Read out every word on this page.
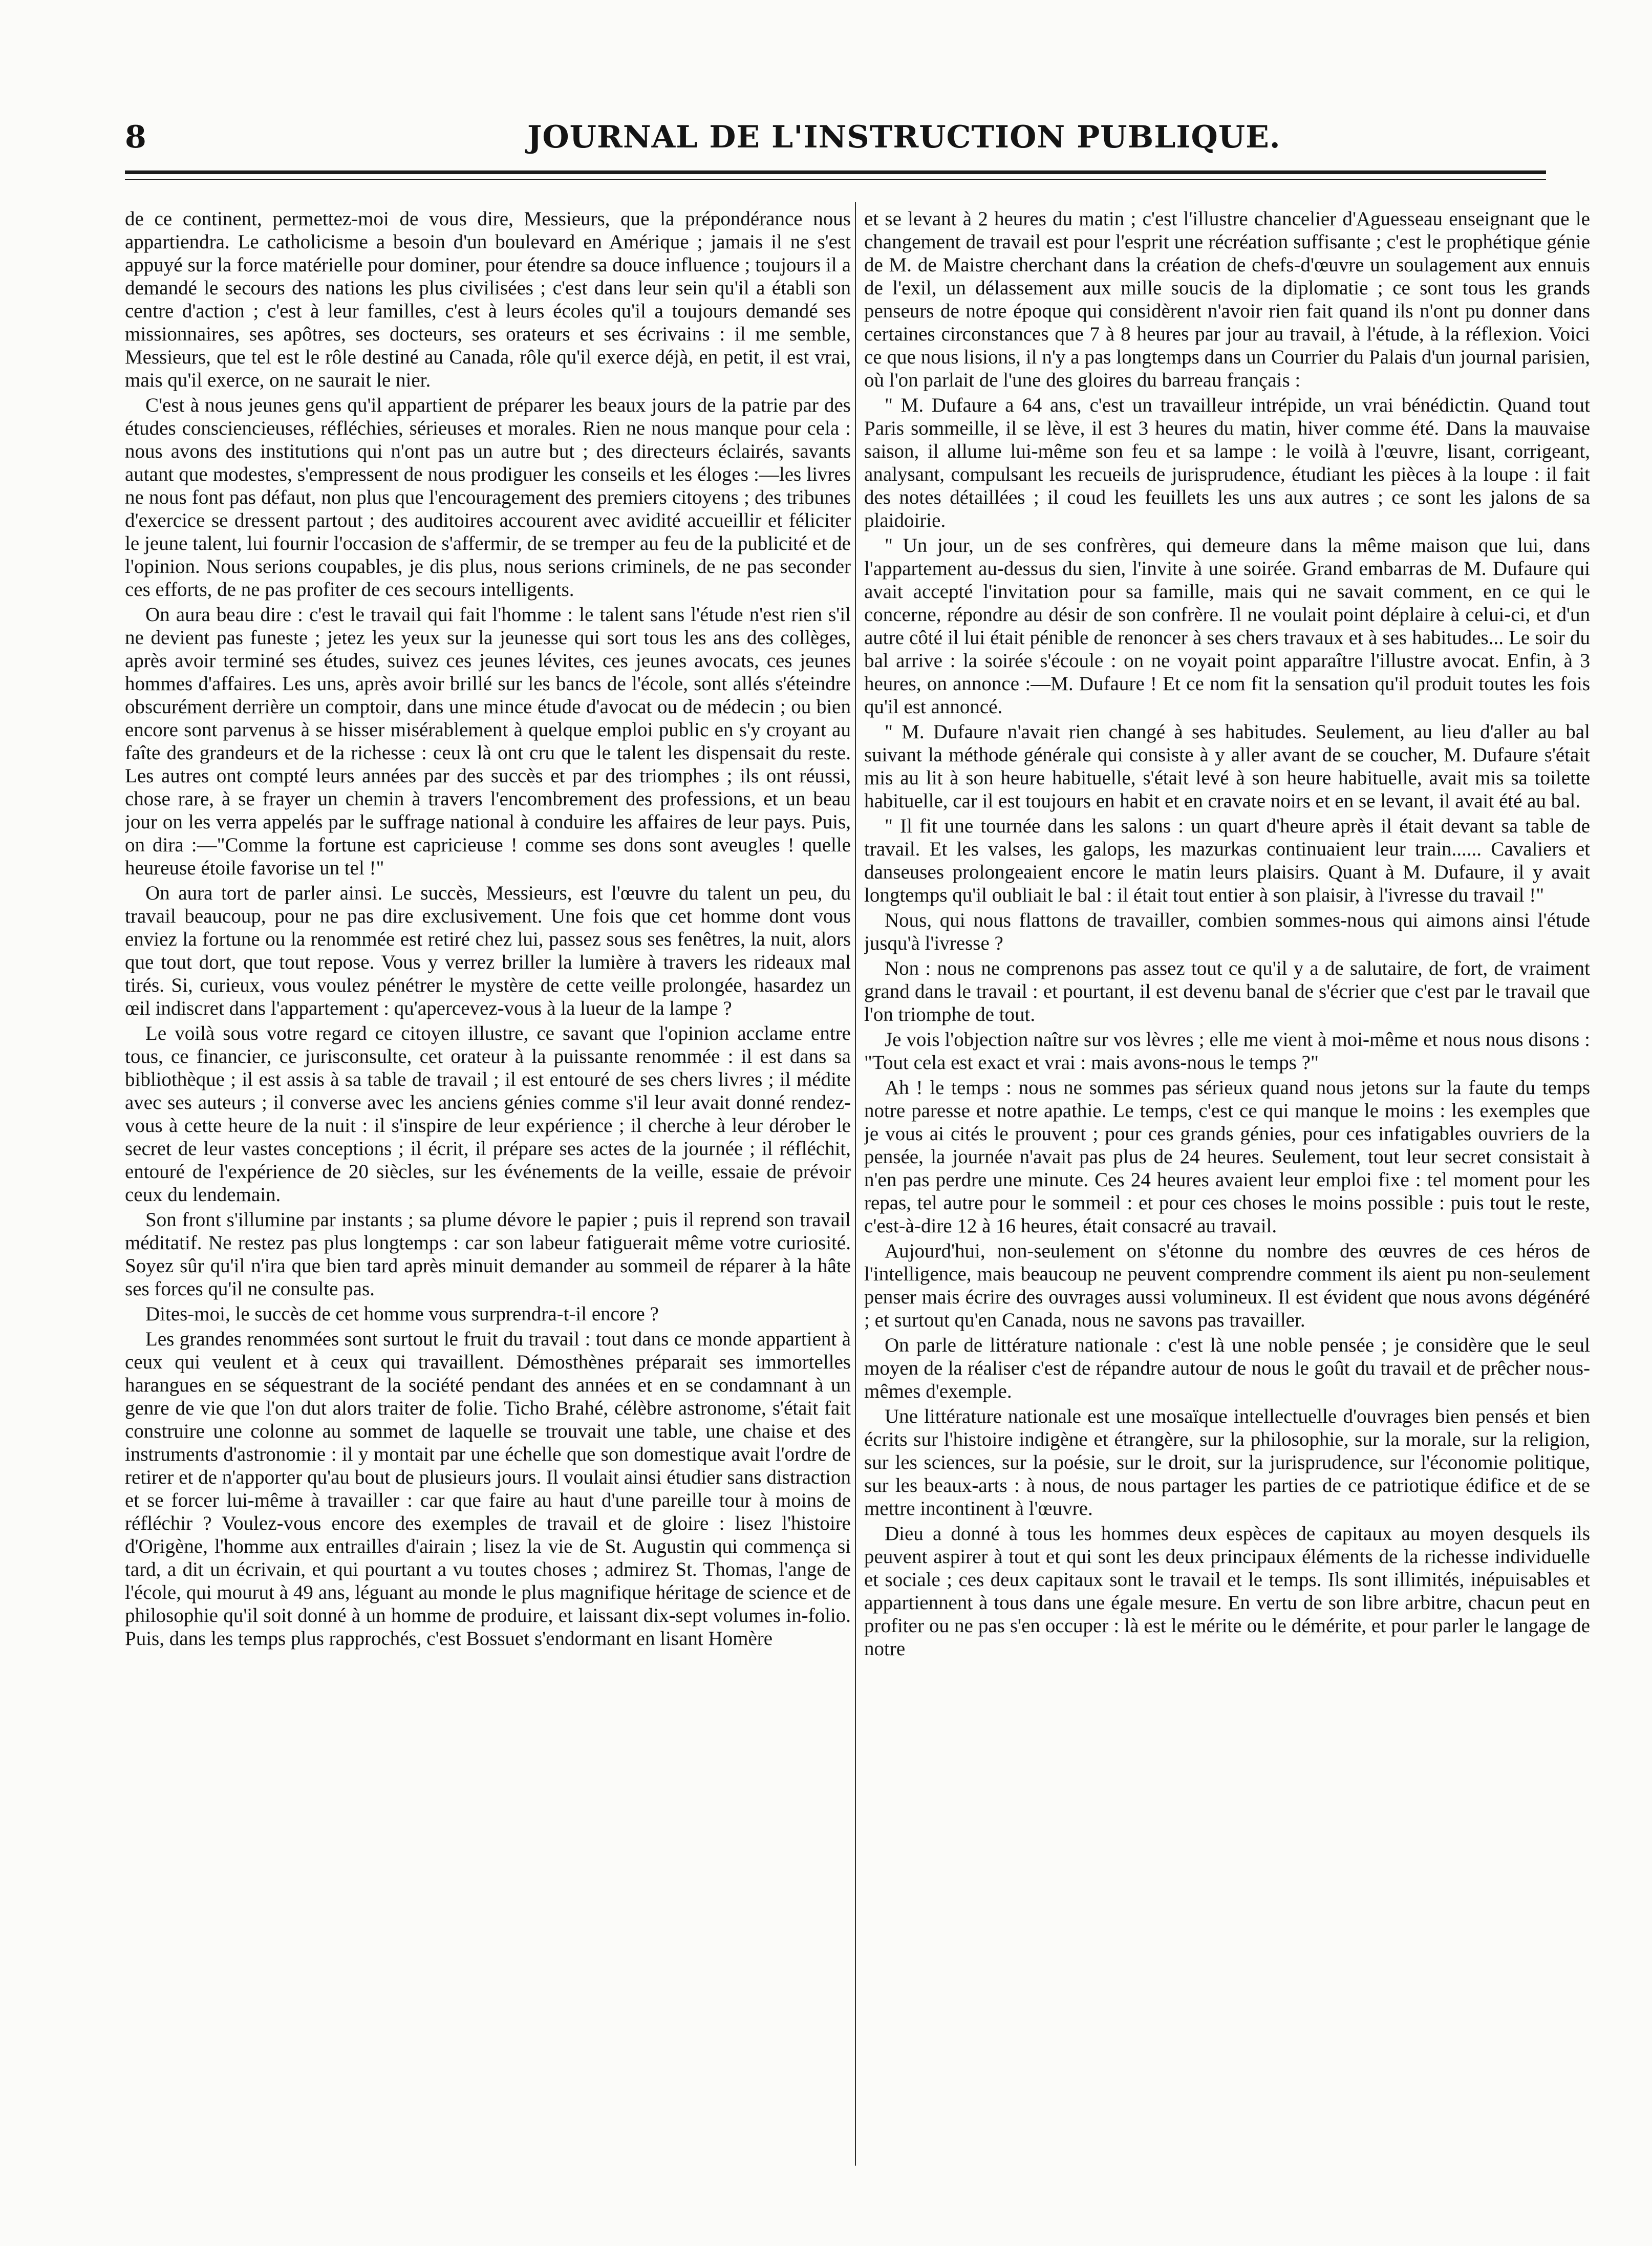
8	JOURNAL DE L'INSTRUCTION PUBLIQUE.

de ce continent, permettez-moi de vous dire, Messieurs, que la prépondérance nous appartiendra. Le catholicisme a besoin d'un boulevard en Amérique ; jamais il ne s'est appuyé sur la force matérielle pour dominer, pour étendre sa douce influence ; toujours il a demandé le secours des nations les plus civilisées ; c'est dans leur sein qu'il a établi son centre d'action ; c'est à leur familles, c'est à leurs écoles qu'il a toujours demandé ses missionnaires, ses apôtres, ses docteurs, ses orateurs et ses écrivains : il me semble, Messieurs, que tel est le rôle destiné au Canada, rôle qu'il exerce déjà, en petit, il est vrai, mais qu'il exerce, on ne saurait le nier.

C'est à nous jeunes gens qu'il appartient de préparer les beaux jours de la patrie par des études consciencieuses, réfléchies, sérieuses et morales. Rien ne nous manque pour cela : nous avons des institutions qui n'ont pas un autre but ; des directeurs éclairés, savants autant que modestes, s'empressent de nous prodiguer les conseils et les éloges :—les livres ne nous font pas défaut, non plus que l'encouragement des premiers citoyens ; des tribunes d'exercice se dressent partout ; des auditoires accourent avec avidité accueillir et féliciter le jeune talent, lui fournir l'occasion de s'affermir, de se tremper au feu de la publicité et de l'opinion. Nous serions coupables, je dis plus, nous serions criminels, de ne pas seconder ces efforts, de ne pas profiter de ces secours intelligents.

On aura beau dire : c'est le travail qui fait l'homme : le talent sans l'étude n'est rien s'il ne devient pas funeste ; jetez les yeux sur la jeunesse qui sort tous les ans des collèges, après avoir terminé ses études, suivez ces jeunes lévites, ces jeunes avocats, ces jeunes hommes d'affaires. Les uns, après avoir brillé sur les bancs de l'école, sont allés s'éteindre obscurément derrière un comptoir, dans une mince étude d'avocat ou de médecin ; ou bien encore sont parvenus à se hisser misérablement à quelque emploi public en s'y croyant au faîte des grandeurs et de la richesse : ceux là ont cru que le talent les dispensait du reste. Les autres ont compté leurs années par des succès et par des triomphes ; ils ont réussi, chose rare, à se frayer un chemin à travers l'encombrement des professions, et un beau jour on les verra appelés par le suffrage national à conduire les affaires de leur pays. Puis, on dira :—"Comme la fortune est capricieuse ! comme ses dons sont aveugles ! quelle heureuse étoile favorise un tel !"

On aura tort de parler ainsi. Le succès, Messieurs, est l'œuvre du talent un peu, du travail beaucoup, pour ne pas dire exclusivement. Une fois que cet homme dont vous enviez la fortune ou la renommée est retiré chez lui, passez sous ses fenêtres, la nuit, alors que tout dort, que tout repose. Vous y verrez briller la lumière à travers les rideaux mal tirés. Si, curieux, vous voulez pénétrer le mystère de cette veille prolongée, hasardez un œil indiscret dans l'appartement : qu'apercevez-vous à la lueur de la lampe ?

Le voilà sous votre regard ce citoyen illustre, ce savant que l'opinion acclame entre tous, ce financier, ce jurisconsulte, cet orateur à la puissante renommée : il est dans sa bibliothèque ; il est assis à sa table de travail ; il est entouré de ses chers livres ; il médite avec ses auteurs ; il converse avec les anciens génies comme s'il leur avait donné rendez-vous à cette heure de la nuit : il s'inspire de leur expérience ; il cherche à leur dérober le secret de leur vastes conceptions ; il écrit, il prépare ses actes de la journée ; il réfléchit, entouré de l'expérience de 20 siècles, sur les événements de la veille, essaie de prévoir ceux du lendemain.

Son front s'illumine par instants ; sa plume dévore le papier ; puis il reprend son travail méditatif. Ne restez pas plus longtemps : car son labeur fatiguerait même votre curiosité. Soyez sûr qu'il n'ira que bien tard après minuit demander au sommeil de réparer à la hâte ses forces qu'il ne consulte pas.

Dites-moi, le succès de cet homme vous surprendra-t-il encore ?

Les grandes renommées sont surtout le fruit du travail : tout dans ce monde appartient à ceux qui veulent et à ceux qui travaillent. Démosthènes préparait ses immortelles harangues en se séquestrant de la société pendant des années et en se condamnant à un genre de vie que l'on dut alors traiter de folie. Ticho Brahé, célèbre astronome, s'était fait construire une colonne au sommet de laquelle se trouvait une table, une chaise et des instruments d'astronomie : il y montait par une échelle que son domestique avait l'ordre de retirer et de n'apporter qu'au bout de plusieurs jours. Il voulait ainsi étudier sans distraction et se forcer lui-même à travailler : car que faire au haut d'une pareille tour à moins de réfléchir ? Voulez-vous encore des exemples de travail et de gloire : lisez l'histoire d'Origène, l'homme aux entrailles d'airain ; lisez la vie de St. Augustin qui commença si tard, a dit un écrivain, et qui pourtant a vu toutes choses ; admirez St. Thomas, l'ange de l'école, qui mourut à 49 ans, léguant au monde le plus magnifique héritage de science et de philosophie qu'il soit donné à un homme de produire, et laissant dix-sept volumes in-folio. Puis, dans les temps plus rapprochés, c'est Bossuet s'endormant en lisant Homère

et se levant à 2 heures du matin ; c'est l'illustre chancelier d'Aguesseau enseignant que le changement de travail est pour l'esprit une récréation suffisante ; c'est le prophétique génie de M. de Maistre cherchant dans la création de chefs-d'œuvre un soulagement aux ennuis de l'exil, un délassement aux mille soucis de la diplomatie ; ce sont tous les grands penseurs de notre époque qui considèrent n'avoir rien fait quand ils n'ont pu donner dans certaines circonstances que 7 à 8 heures par jour au travail, à l'étude, à la réflexion. Voici ce que nous lisions, il n'y a pas longtemps dans un Courrier du Palais d'un journal parisien, où l'on parlait de l'une des gloires du barreau français :

" M. Dufaure a 64 ans, c'est un travailleur intrépide, un vrai bénédictin. Quand tout Paris sommeille, il se lève, il est 3 heures du matin, hiver comme été. Dans la mauvaise saison, il allume lui-même son feu et sa lampe : le voilà à l'œuvre, lisant, corrigeant, analysant, compulsant les recueils de jurisprudence, étudiant les pièces à la loupe : il fait des notes détaillées ; il coud les feuillets les uns aux autres ; ce sont les jalons de sa plaidoirie.

" Un jour, un de ses confrères, qui demeure dans la même maison que lui, dans l'appartement au-dessus du sien, l'invite à une soirée. Grand embarras de M. Dufaure qui avait accepté l'invitation pour sa famille, mais qui ne savait comment, en ce qui le concerne, répondre au désir de son confrère. Il ne voulait point déplaire à celui-ci, et d'un autre côté il lui était pénible de renoncer à ses chers travaux et à ses habitudes... Le soir du bal arrive : la soirée s'écoule : on ne voyait point apparaître l'illustre avocat. Enfin, à 3 heures, on annonce :—M. Dufaure ! Et ce nom fit la sensation qu'il produit toutes les fois qu'il est annoncé.

" M. Dufaure n'avait rien changé à ses habitudes. Seulement, au lieu d'aller au bal suivant la méthode générale qui consiste à y aller avant de se coucher, M. Dufaure s'était mis au lit à son heure habituelle, s'était levé à son heure habituelle, avait mis sa toilette habituelle, car il est toujours en habit et en cravate noirs et en se levant, il avait été au bal.

" Il fit une tournée dans les salons : un quart d'heure après il était devant sa table de travail. Et les valses, les galops, les mazurkas continuaient leur train...... Cavaliers et danseuses prolongeaient encore le matin leurs plaisirs. Quant à M. Dufaure, il y avait longtemps qu'il oubliait le bal : il était tout entier à son plaisir, à l'ivresse du travail !"

Nous, qui nous flattons de travailler, combien sommes-nous qui aimons ainsi l'étude jusqu'à l'ivresse ?

Non : nous ne comprenons pas assez tout ce qu'il y a de salutaire, de fort, de vraiment grand dans le travail : et pourtant, il est devenu banal de s'écrier que c'est par le travail que l'on triomphe de tout.

Je vois l'objection naître sur vos lèvres ; elle me vient à moi-même et nous nous disons : "Tout cela est exact et vrai : mais avons-nous le temps ?"

Ah ! le temps : nous ne sommes pas sérieux quand nous jetons sur la faute du temps notre paresse et notre apathie. Le temps, c'est ce qui manque le moins : les exemples que je vous ai cités le prouvent ; pour ces grands génies, pour ces infatigables ouvriers de la pensée, la journée n'avait pas plus de 24 heures. Seulement, tout leur secret consistait à n'en pas perdre une minute. Ces 24 heures avaient leur emploi fixe : tel moment pour les repas, tel autre pour le sommeil : et pour ces choses le moins possible : puis tout le reste, c'est-à-dire 12 à 16 heures, était consacré au travail.

Aujourd'hui, non-seulement on s'étonne du nombre des œuvres de ces héros de l'intelligence, mais beaucoup ne peuvent comprendre comment ils aient pu non-seulement penser mais écrire des ouvrages aussi volumineux. Il est évident que nous avons dégénéré ; et surtout qu'en Canada, nous ne savons pas travailler.

On parle de littérature nationale : c'est là une noble pensée ; je considère que le seul moyen de la réaliser c'est de répandre autour de nous le goût du travail et de prêcher nous-mêmes d'exemple.

Une littérature nationale est une mosaïque intellectuelle d'ouvrages bien pensés et bien écrits sur l'histoire indigène et étrangère, sur la philosophie, sur la morale, sur la religion, sur les sciences, sur la poésie, sur le droit, sur la jurisprudence, sur l'économie politique, sur les beaux-arts : à nous, de nous partager les parties de ce patriotique édifice et de se mettre incontinent à l'œuvre.

Dieu a donné à tous les hommes deux espèces de capitaux au moyen desquels ils peuvent aspirer à tout et qui sont les deux principaux éléments de la richesse individuelle et sociale ; ces deux capitaux sont le travail et le temps. Ils sont illimités, inépuisables et appartiennent à tous dans une égale mesure. En vertu de son libre arbitre, chacun peut en profiter ou ne pas s'en occuper : là est le mérite ou le démérite, et pour parler le langage de notre
